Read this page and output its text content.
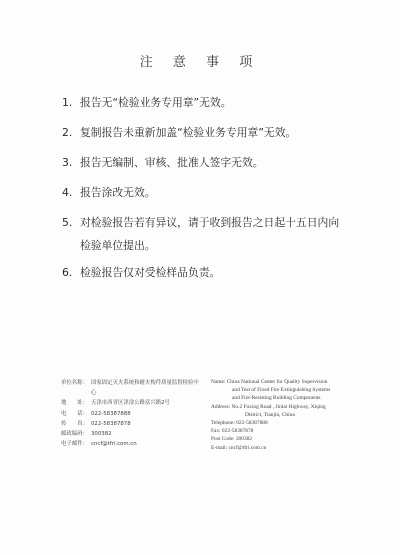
注 意 事 项
1. 报告无“检验业务专用章”无效。
2. 复制报告未重新加盖“检验业务专用章”无效。
3. 报告无编制、审核、批准人签字无效。
4. 报告涂改无效。
5. 对检验报告若有异议，请于收到报告之日起十五日内向检验单位提出。
6. 检验报告仅对受检样品负责。
单位名称： 国家固定灭火系统和耐火构件质量监督检验中心
地　　址： 天津市西青区津淦公路富兴路2号
电　　话： 022-58387888
传　　真： 022-58387878
邮政编码： 300382
电子邮件： cncf@tfri.com.cn
Name: China National Center for Quality Supervision
and Test of Fixed Fire Extinguishing Systems
and Fire-Resisting Building Components
Address: No.2 Fuxing Road , Jinlai Highway, Xiqing
District, Tianjin, China
Telephone: 022-58387888
Fax: 022-58387878
Post Code: 300382
E-mail: cncf@tfri.com.cn
